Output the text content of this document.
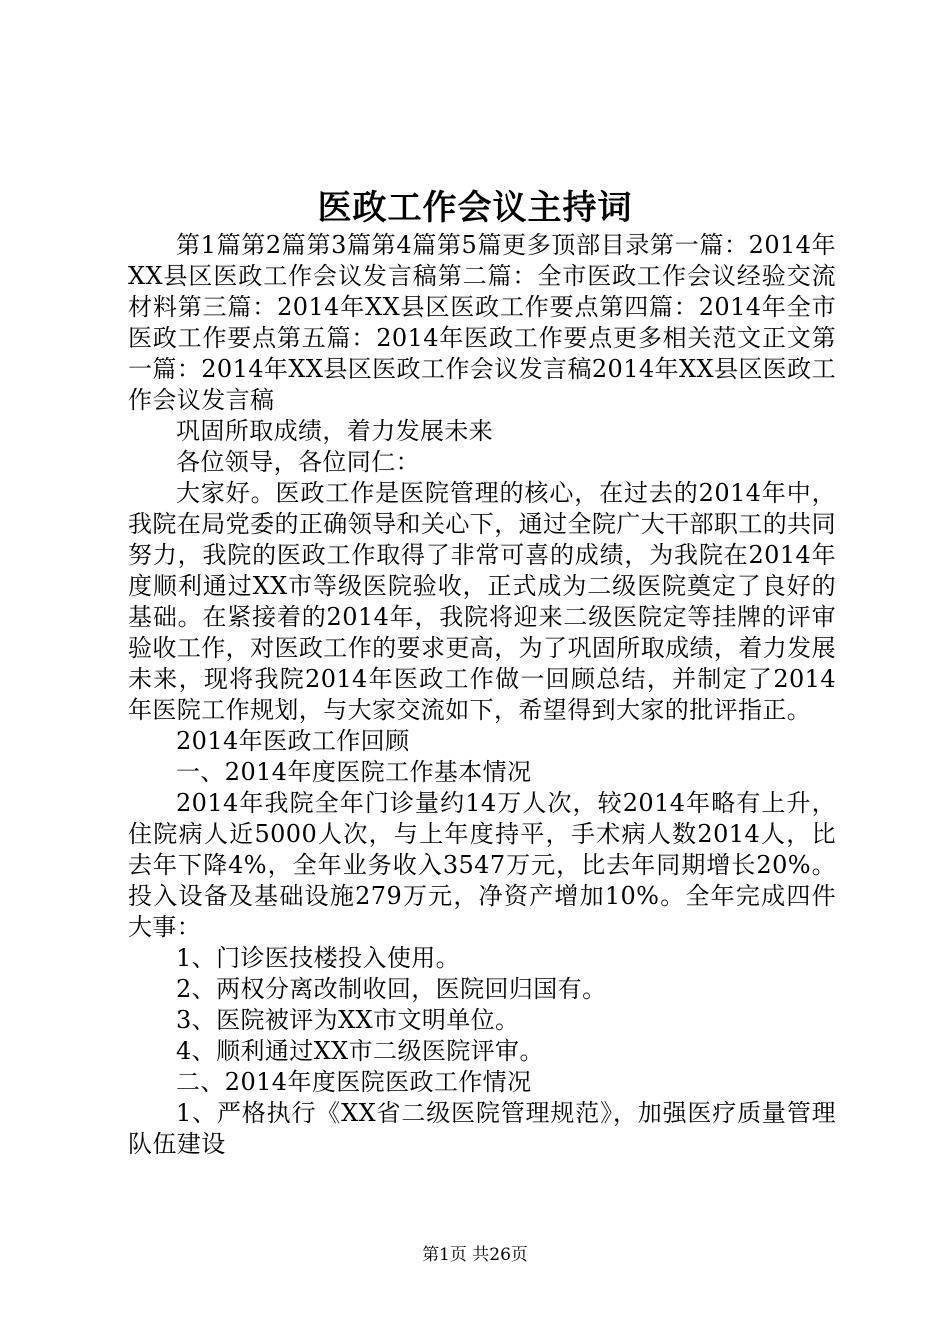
医政工作会议主持词

第1篇第2篇第3篇第4篇第5篇更多顶部目录第一篇：2014年XX县区医政工作会议发言稿第二篇：全市医政工作会议经验交流材料第三篇：2014年XX县区医政工作要点第四篇：2014年全市医政工作要点第五篇：2014年医政工作要点更多相关范文正文第一篇：2014年XX县区医政工作会议发言稿2014年XX县区医政工作会议发言稿

巩固所取成绩，着力发展未来

各位领导，各位同仁：

大家好。医政工作是医院管理的核心，在过去的2014年中，我院在局党委的正确领导和关心下，通过全院广大干部职工的共同努力，我院的医政工作取得了非常可喜的成绩，为我院在2014年度顺利通过XX市等级医院验收，正式成为二级医院奠定了良好的基础。在紧接着的2014年，我院将迎来二级医院定等挂牌的评审验收工作，对医政工作的要求更高，为了巩固所取成绩，着力发展未来，现将我院2014年医政工作做一回顾总结，并制定了2014年医院工作规划，与大家交流如下，希望得到大家的批评指正。

2014年医政工作回顾

一、2014年度医院工作基本情况

2014年我院全年门诊量约14万人次，较2014年略有上升，住院病人近5000人次，与上年度持平，手术病人数2014人，比去年下降4%，全年业务收入3547万元，比去年同期增长20%。投入设备及基础设施279万元，净资产增加10%。全年完成四件大事：

1、门诊医技楼投入使用。

2、两权分离改制收回，医院回归国有。

3、医院被评为XX市文明单位。

4、顺利通过XX市二级医院评审。

二、2014年度医院医政工作情况

1、严格执行《XX省二级医院管理规范》，加强医疗质量管理队伍建设

第1页 共26页
